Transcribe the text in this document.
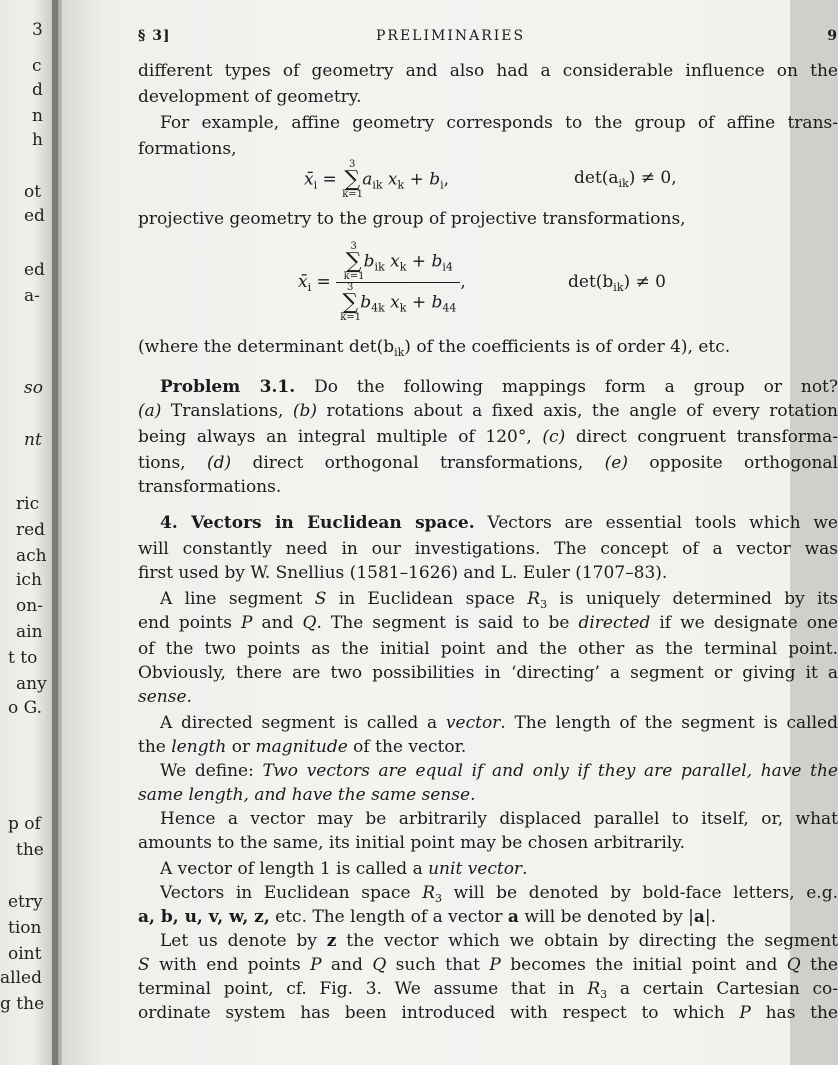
3
c
d
n
h
ot
ed
ed
a-
so
nt
ric
red
ach
ich
on-
ain
t to
any
o G.
p of
the
etry
tion
oint
alled
g the
§ 3]	PRELIMINARIES	9
different types of geometry and also had a considerable influence on the
development of geometry.
For example, affine geometry corresponds to the group of affine trans-
formations,
$x̄_i$ =
3
∑
k=1
$a_{ik}$ $x_k + b_i$,	$\det(a_{ik}) \ne 0$,
projective geometry to the group of projective transformations,
$x̄_i = 3$
∑
k=1
$b_{ik}$ $x_k + b_{i4}$
3
∑
k=1
$b_{4k}$ $x_k + b_{44}$ ,	$\det(b_{ik}) \ne 0$
(where the determinant $\det(b_{ik})$ of the coefficients is of order 4), etc.
Problem 3.1. Do the following mappings form a group or not?
(a) Translations, (b) rotations about a fixed axis, the angle of every rotation
being always an integral multiple of 120°, (c) direct congruent transforma-
tions, (d) direct orthogonal transformations, (e) opposite orthogonal
transformations.
4. Vectors in Euclidean space. Vectors are essential tools which we
will constantly need in our investigations. The concept of a vector was
first used by W. Snellius (1581–1626) and L. Euler (1707–83).
A line segment S in Euclidean space $R_3$ is uniquely determined by its
end points P and Q. The segment is said to be directed if we designate one
of the two points as the initial point and the other as the terminal point.
Obviously, there are two possibilities in ‘directing’ a segment or giving it a
sense.
A directed segment is called a vector. The length of the segment is called
the length or magnitude of the vector.
We define: Two vectors are equal if and only if they are parallel, have the
same length, and have the same sense.
Hence a vector may be arbitrarily displaced parallel to itself, or, what
amounts to the same, its initial point may be chosen arbitrarily.
A vector of length 1 is called a unit vector.
Vectors in Euclidean space $R_3$ will be denoted by bold-face letters, e.g.
a, b, u, v, w, z, etc. The length of a vector a will be denoted by |a|.
Let us denote by z the vector which we obtain by directing the segment
S with end points P and Q such that P becomes the initial point and Q the
terminal point, cf. Fig. 3. We assume that in $R_3$ a certain Cartesian co-
ordinate system has been introduced with respect to which P has the
